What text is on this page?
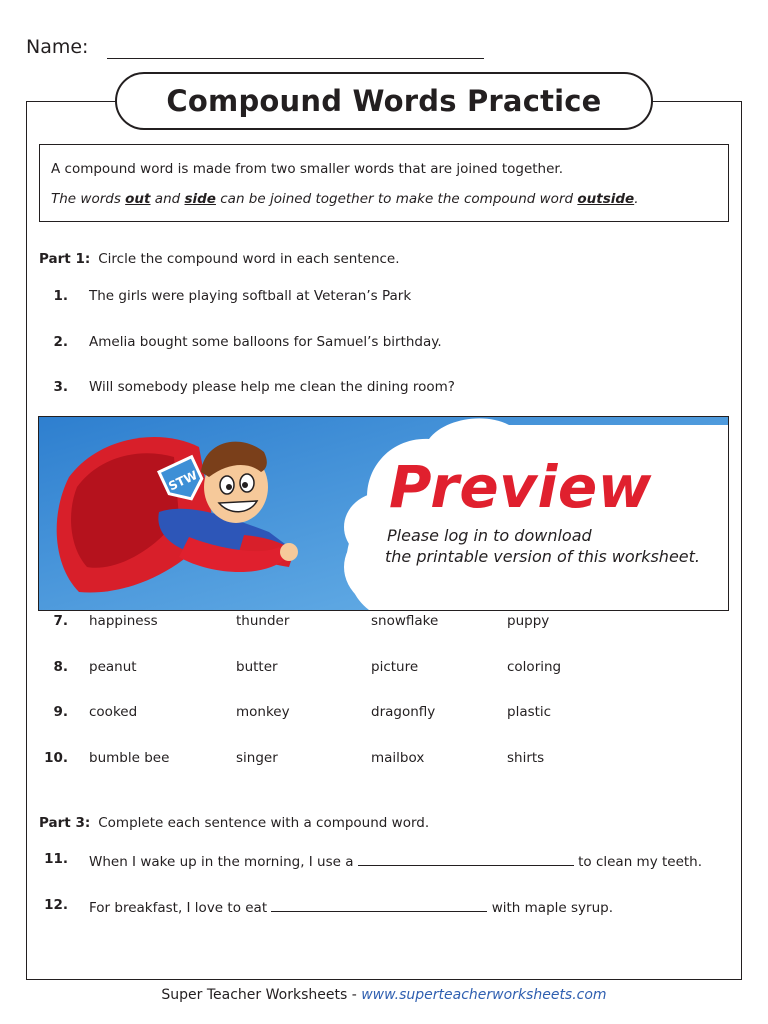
Name:
Compound Words Practice
A compound word is made from two smaller words that are joined together.
The words out and side can be joined together to make the compound word outside.
Part 1: Circle the compound word in each sentence.
1. The girls were playing softball at Veteran’s Park
2. Amelia bought some balloons for Samuel’s birthday.
3. Will somebody please help me clean the dining room?
STW	Preview
Please log in to download
the printable version of this worksheet.
7. happiness	thunder	snowflake	puppy
8. peanut	butter	picture	coloring
9. cooked	monkey	dragonfly	plastic
10. bumble bee	singer	mailbox	shirts
Part 3: Complete each sentence with a compound word.
11. When I wake up in the morning, I use a	to clean my teeth.
12. For breakfast, I love to eat	with maple syrup.
Super Teacher Worksheets - www.superteacherworksheets.com
